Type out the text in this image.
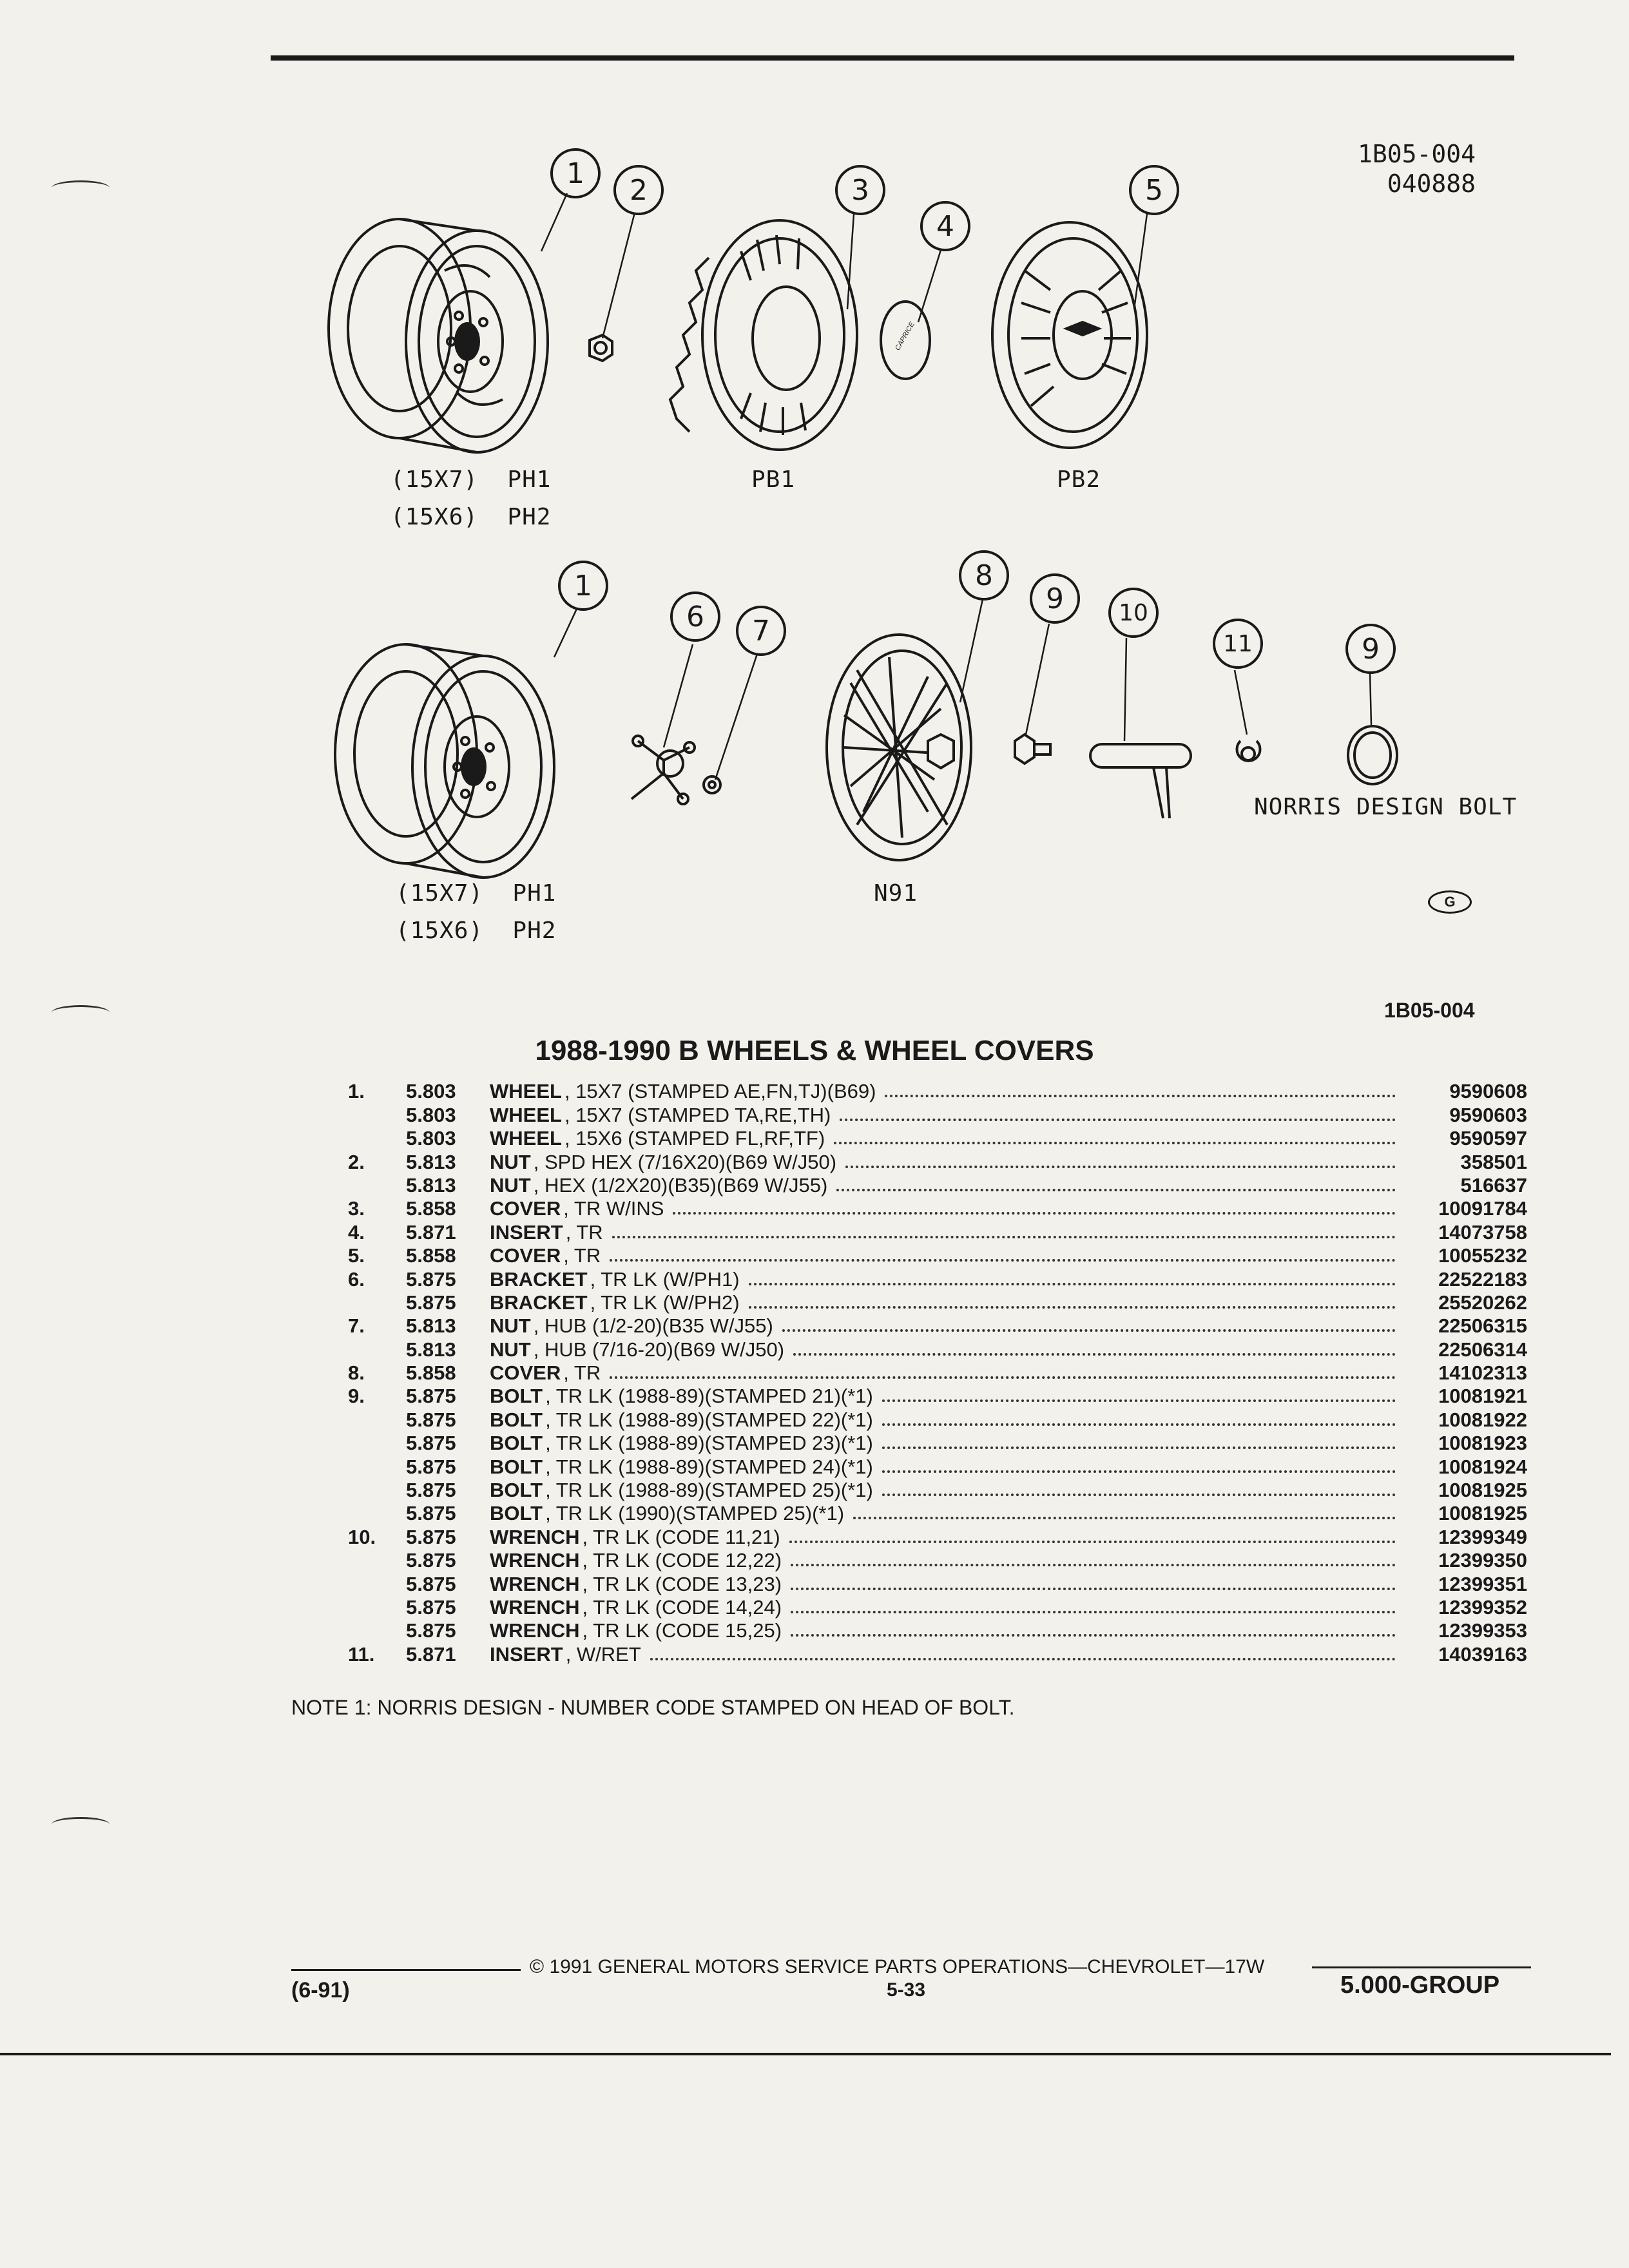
1B05-004
040888
1
2	3
4
5
1
6	7
8
9	10
11	9
(15X7)  PH1
(15X6)  PH2
PB1	PB2
(15X7)  PH1
(15X6)  PH2
N91
NORRIS DESIGN BOLT
CAPRICE
G
1B05-004
1988-1990 B WHEELS & WHEEL COVERS
1.	5.803	WHEEL , 15X7 (STAMPED AE,FN,TJ)(B69)	9590608
5.803	WHEEL , 15X7 (STAMPED TA,RE,TH)	9590603
5.803	WHEEL , 15X6 (STAMPED FL,RF,TF)	9590597
2.	5.813	NUT , SPD HEX (7/16X20)(B69 W/J50)	358501
5.813	NUT , HEX (1/2X20)(B35)(B69 W/J55)	516637
3.	5.858	COVER , TR W/INS	10091784
4.	5.871	INSERT , TR	14073758
5.	5.858	COVER , TR	10055232
6.	5.875	BRACKET , TR LK (W/PH1)	22522183
5.875	BRACKET , TR LK (W/PH2)	25520262
7.	5.813	NUT , HUB (1/2-20)(B35 W/J55)	22506315
5.813	NUT , HUB (7/16-20)(B69 W/J50)	22506314
8.	5.858	COVER , TR	14102313
9.	5.875	BOLT , TR LK (1988-89)(STAMPED 21)(*1)	10081921
5.875	BOLT , TR LK (1988-89)(STAMPED 22)(*1)	10081922
5.875	BOLT , TR LK (1988-89)(STAMPED 23)(*1)	10081923
5.875	BOLT , TR LK (1988-89)(STAMPED 24)(*1)	10081924
5.875	BOLT , TR LK (1988-89)(STAMPED 25)(*1)	10081925
5.875	BOLT , TR LK (1990)(STAMPED 25)(*1)	10081925
10.	5.875	WRENCH , TR LK (CODE 11,21)	12399349
5.875	WRENCH , TR LK (CODE 12,22)	12399350
5.875	WRENCH , TR LK (CODE 13,23)	12399351
5.875	WRENCH , TR LK (CODE 14,24)	12399352
5.875	WRENCH , TR LK (CODE 15,25)	12399353
11.	5.871	INSERT , W/RET	14039163
NOTE 1: NORRIS DESIGN - NUMBER CODE STAMPED ON HEAD OF BOLT.
© 1991 GENERAL MOTORS SERVICE PARTS OPERATIONS—CHEVROLET—17W
(6-91)	5-33	5.000-GROUP
